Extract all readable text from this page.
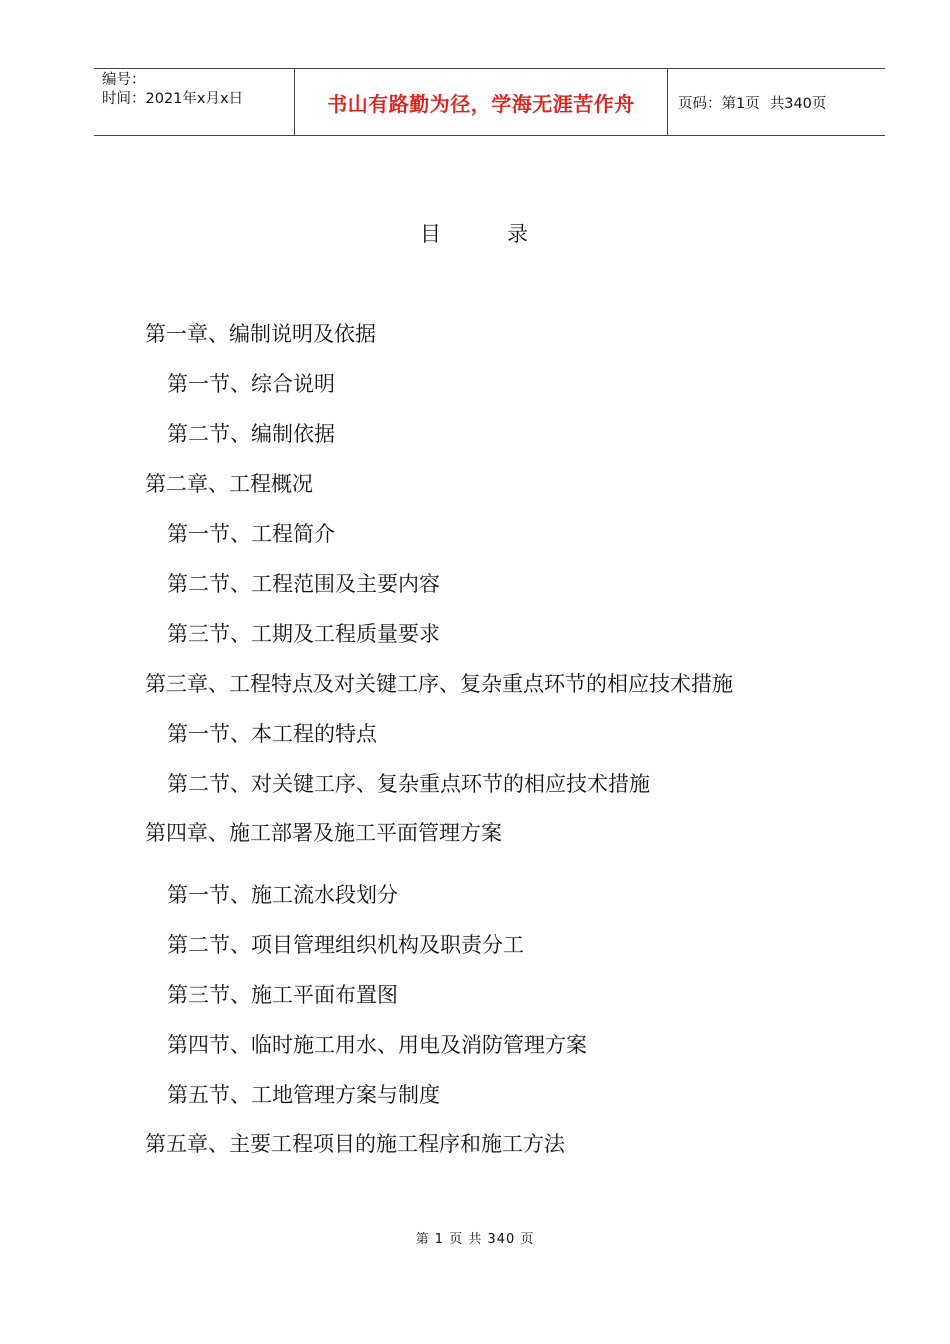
编号：
时间：2021年x月x日	书山有路勤为径，学海无涯苦作舟	页码：第1页 共340页
目	录
第一章、编制说明及依据
第一节、综合说明
第二节、编制依据
第二章、工程概况
第一节、工程简介
第二节、工程范围及主要内容
第三节、工期及工程质量要求
第三章、工程特点及对关键工序、复杂重点环节的相应技术措施
第一节、本工程的特点
第二节、对关键工序、复杂重点环节的相应技术措施
第四章、施工部署及施工平面管理方案
第一节、施工流水段划分
第二节、项目管理组织机构及职责分工
第三节、施工平面布置图
第四节、临时施工用水、用电及消防管理方案
第五节、工地管理方案与制度
第五章、主要工程项目的施工程序和施工方法
第 1 页 共 340 页
